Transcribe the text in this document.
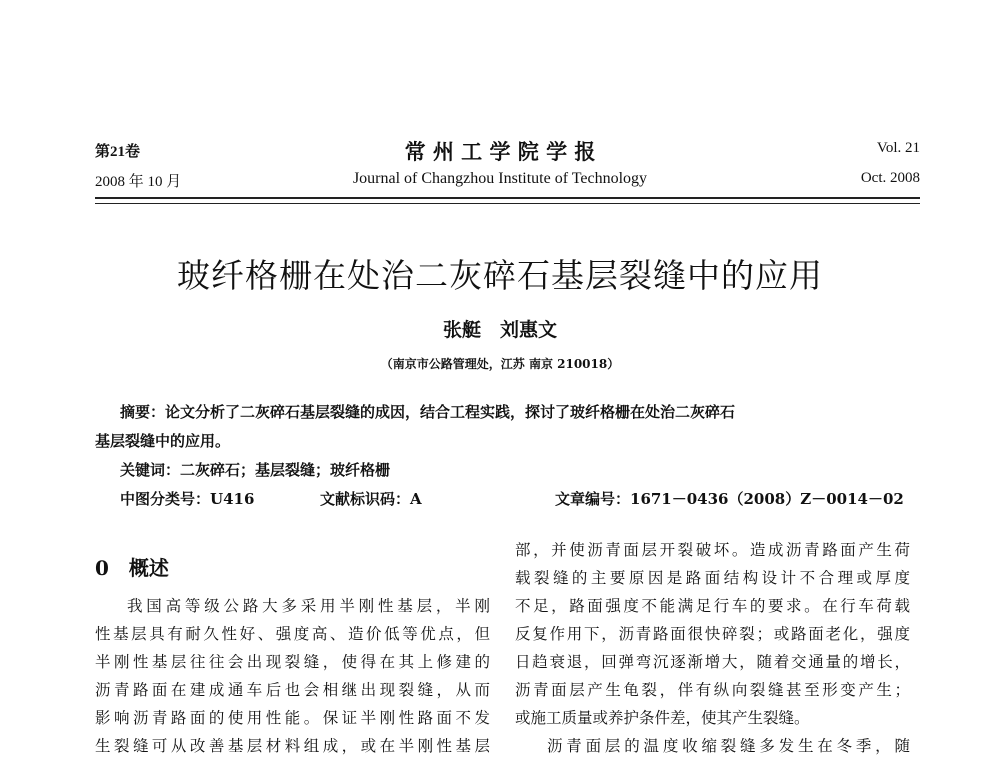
第21卷
2008 年 10 月
常 州 工 学 院 学 报
Journal of Changzhou Institute of Technology
Vol. 21
Oct. 2008
玻纤格栅在处治二灰碎石基层裂缝中的应用
张艇　刘惠文
（南京市公路管理处，江苏 南京 210018）
摘要：论文分析了二灰碎石基层裂缝的成因，结合工程实践，探讨了玻纤格栅在处治二灰碎石
基层裂缝中的应用。
关键词：二灰碎石；基层裂缝；玻纤格栅
中图分类号：U416	文献标识码：A	文章编号：1671－0436（2008）Z－0014－02
0　概述
我国高等级公路大多采用半刚性基层，半刚
性基层具有耐久性好、强度高、造价低等优点，但
半刚性基层往往会出现裂缝，使得在其上修建的
沥青路面在建成通车后也会相继出现裂缝，从而
影响沥青路面的使用性能。保证半刚性路面不发
生裂缝可从改善基层材料组成，或在半刚性基层
部，并使沥青面层开裂破坏。造成沥青路面产生荷
载裂缝的主要原因是路面结构设计不合理或厚度
不足，路面强度不能满足行车的要求。在行车荷载
反复作用下，沥青路面很快碎裂；或路面老化，强度
日趋衰退，回弹弯沉逐渐增大，随着交通量的增长，
沥青面层产生龟裂，伴有纵向裂缝甚至形变产生；
或施工质量或养护条件差，使其产生裂缝。
沥青面层的温度收缩裂缝多发生在冬季，随
